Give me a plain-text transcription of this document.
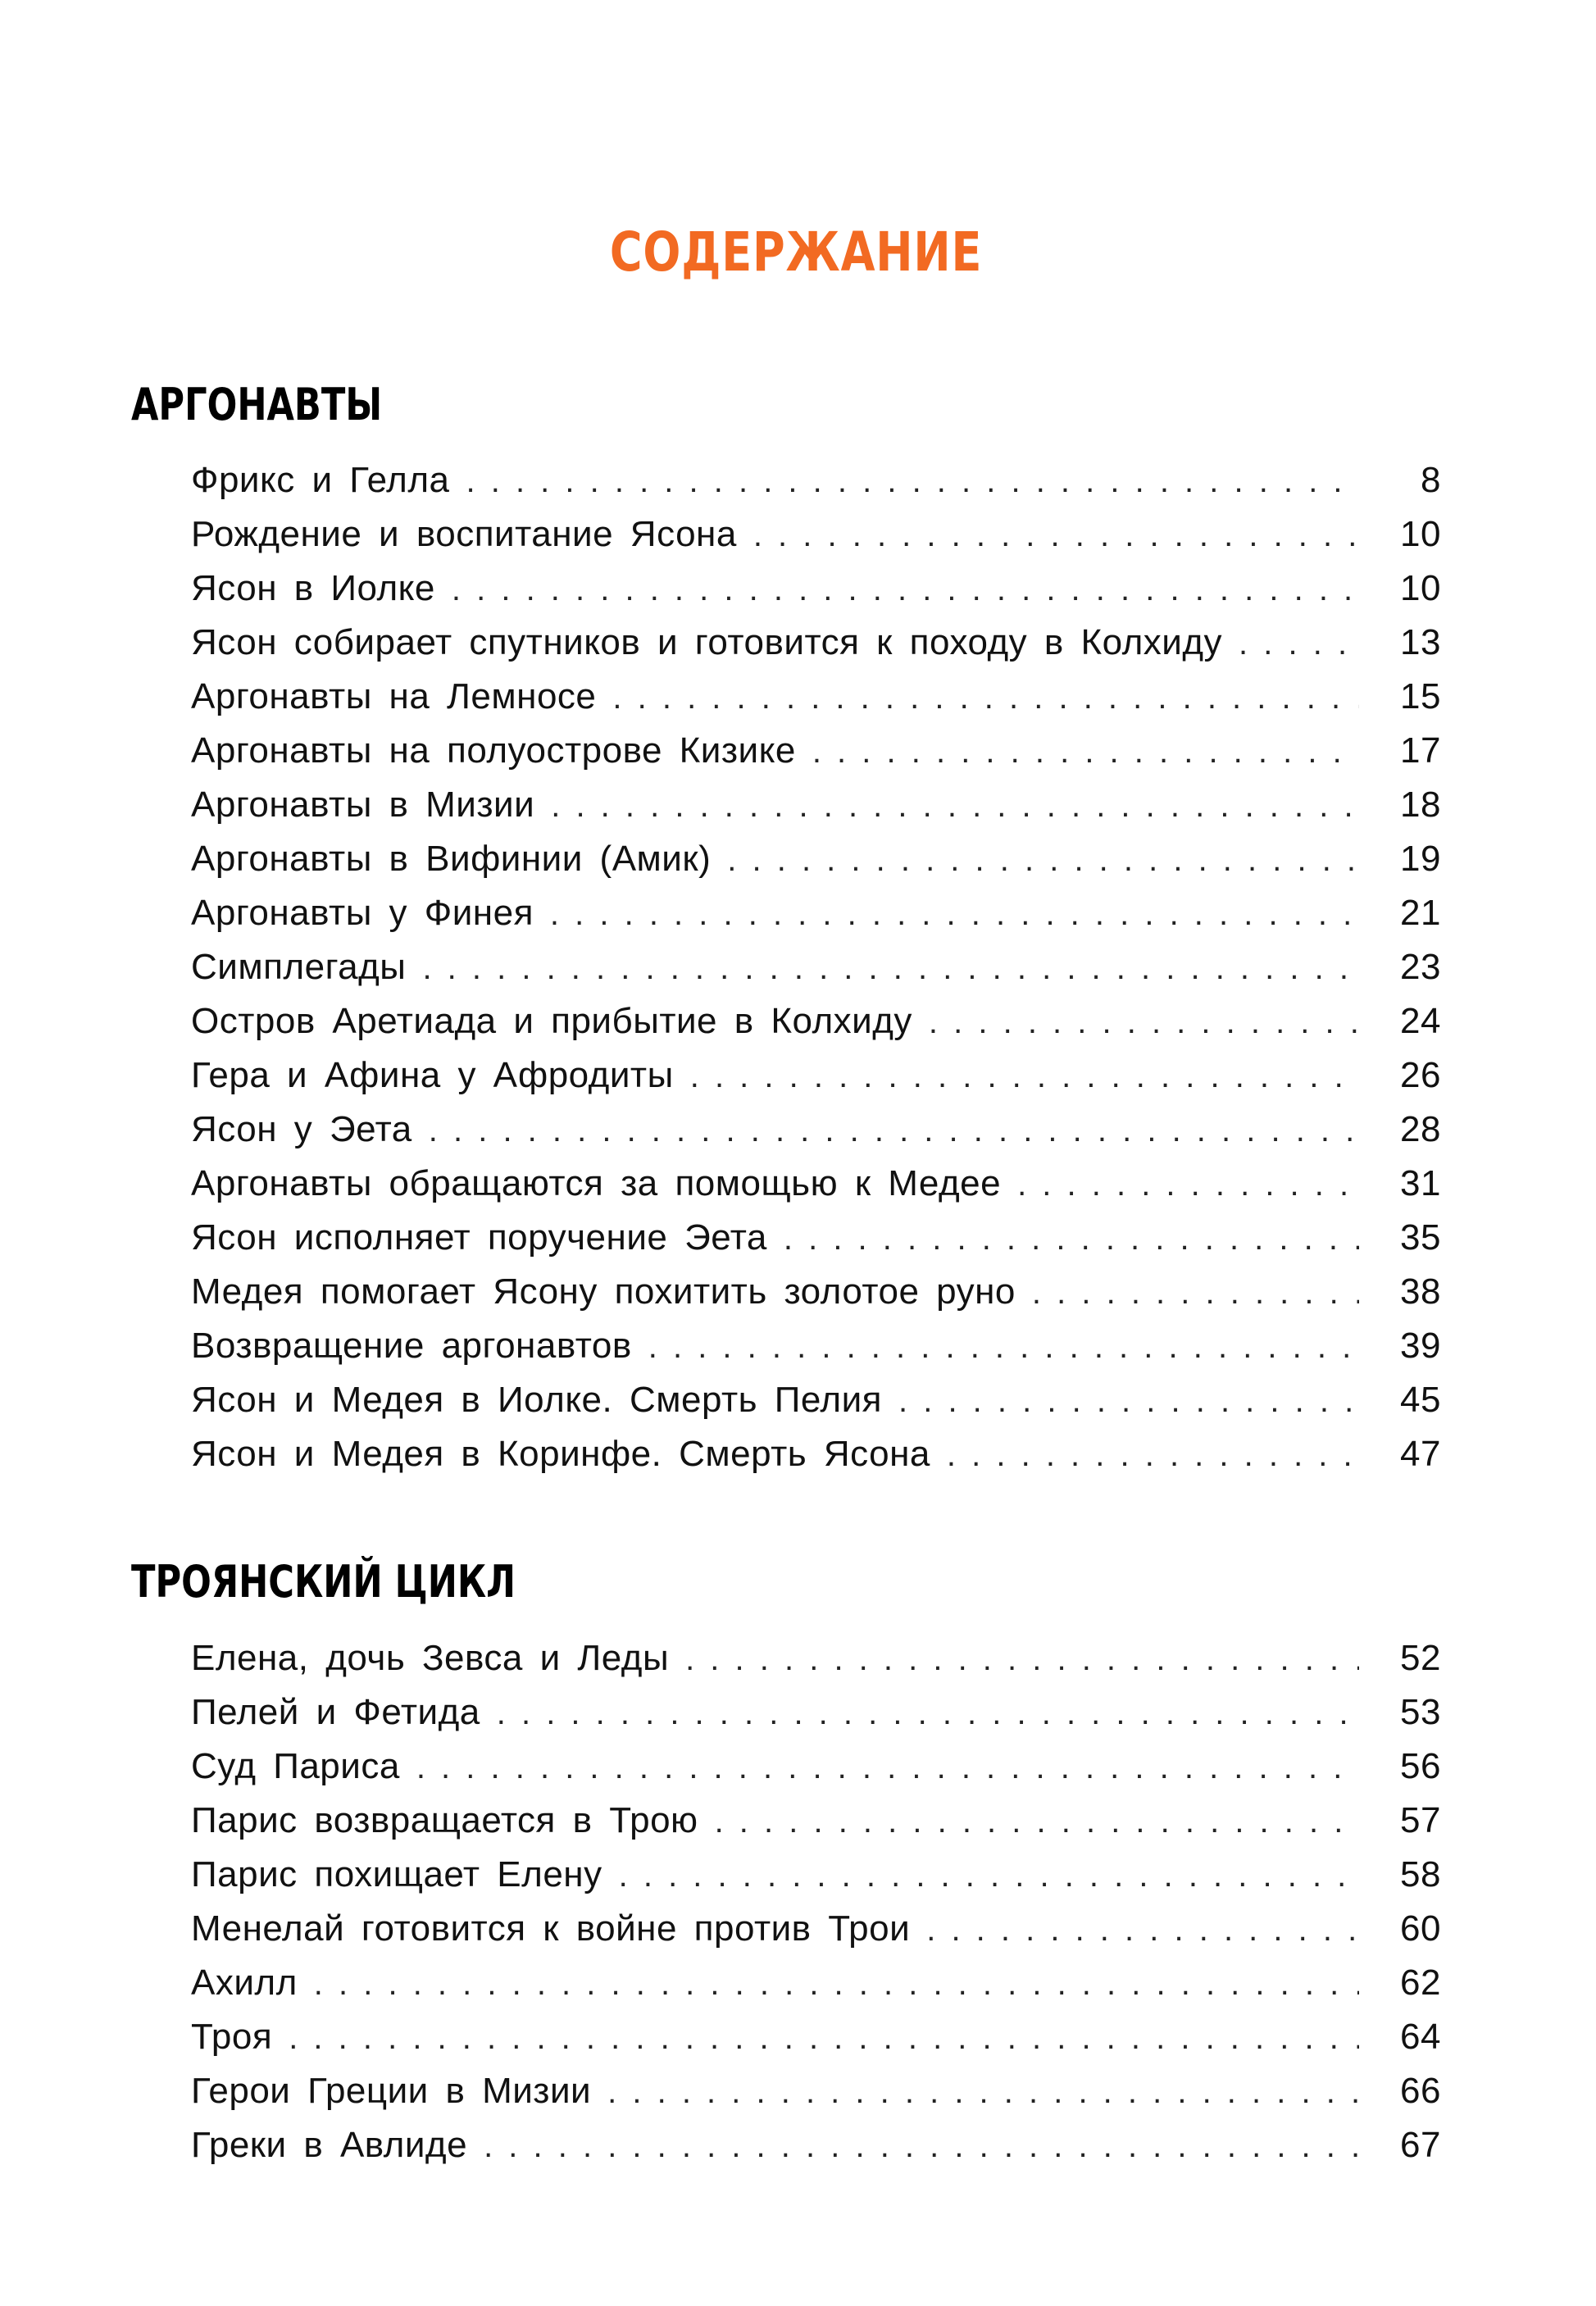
СОДЕРЖАНИЕ
АРГОНАВТЫ
Фрикс и Гелла . . .	8
Рождение и воспитание Ясона . . .	10
Ясон в Иолке . . .	10
Ясон собирает спутников и готовится к походу в Колхиду . . .	13
Аргонавты на Лемносе . . .	15
Аргонавты на полуострове Кизике . . .	17
Аргонавты в Мизии . . .	18
Аргонавты в Вифинии (Амик) . . .	19
Аргонавты у Финея . . .	21
Симплегады . . .	23
Остров Аретиада и прибытие в Колхиду . . .	24
Гера и Афина у Афродиты . . .	26
Ясон у Эета . . .	28
Аргонавты обращаются за помощью к Медее . . .	31
Ясон исполняет поручение Эета . . .	35
Медея помогает Ясону похитить золотое руно . . .	38
Возвращение аргонавтов . . .	39
Ясон и Медея в Иолке. Смерть Пелия . . .	45
Ясон и Медея в Коринфе. Смерть Ясона . . .	47
ТРОЯНСКИЙ ЦИКЛ
Елена, дочь Зевса и Леды . . .	52
Пелей и Фетида . . .	53
Суд Париса . . .	56
Парис возвращается в Трою . . .	57
Парис похищает Елену . . .	58
Менелай готовится к войне против Трои . . .	60
Ахилл . . .	62
Троя . . .	64
Герои Греции в Мизии . . .	66
Греки в Авлиде . . .	67
